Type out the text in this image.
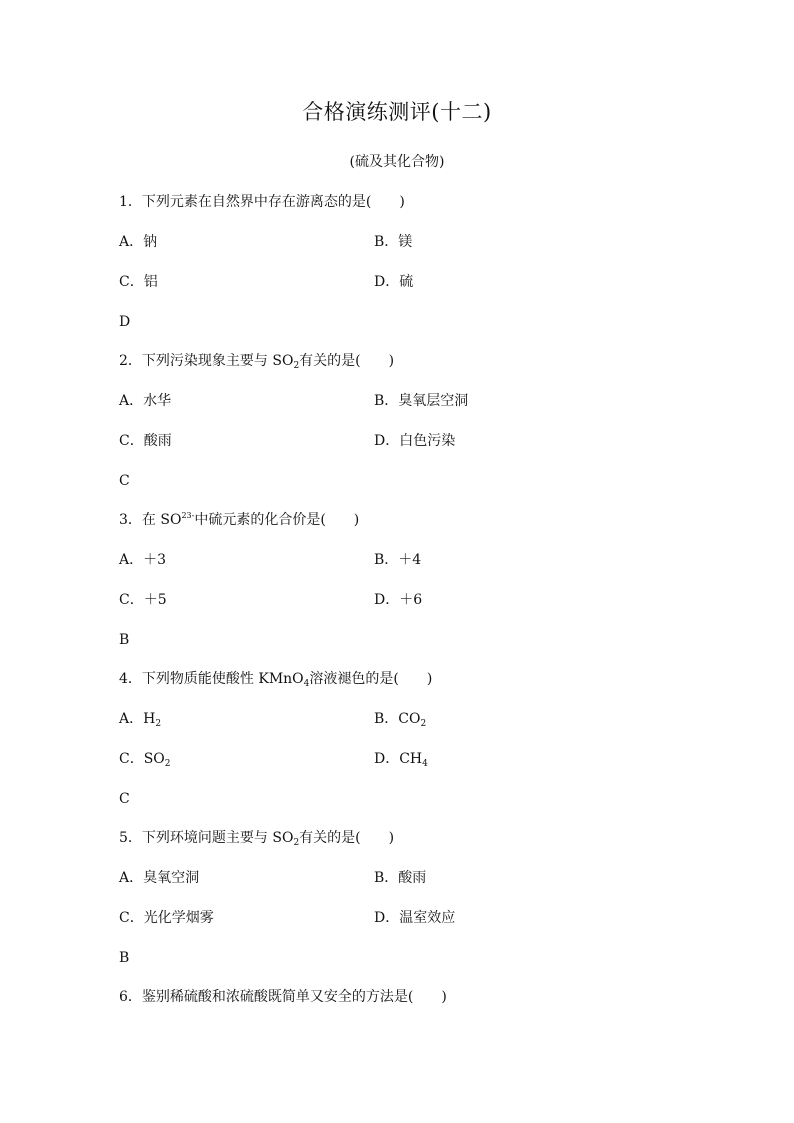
合格演练测评(十二)
(硫及其化合物)
1．下列元素在自然界中存在游离态的是(　　)
A．钠	B．镁
C．铝	D．硫
D
2．下列污染现象主要与 $SO_2$有关的是(　　)
A．水华	B．臭氧层空洞
C．酸雨	D．白色污染
C
3．在 $SO^{23-}$中硫元素的化合价是(　　)
A．＋3	B．＋4
C．＋5	D．＋6
B
4．下列物质能使酸性 KMnO$_4$溶液褪色的是(　　)
A．$H_2$	B．$CO_2$
C．$SO_2$	D．$CH_4$
C
5．下列环境问题主要与 $SO_2$有关的是(　　)
A．臭氧空洞	B．酸雨
C．光化学烟雾	D．温室效应
B
6．鉴别稀硫酸和浓硫酸既简单又安全的方法是(　　)
